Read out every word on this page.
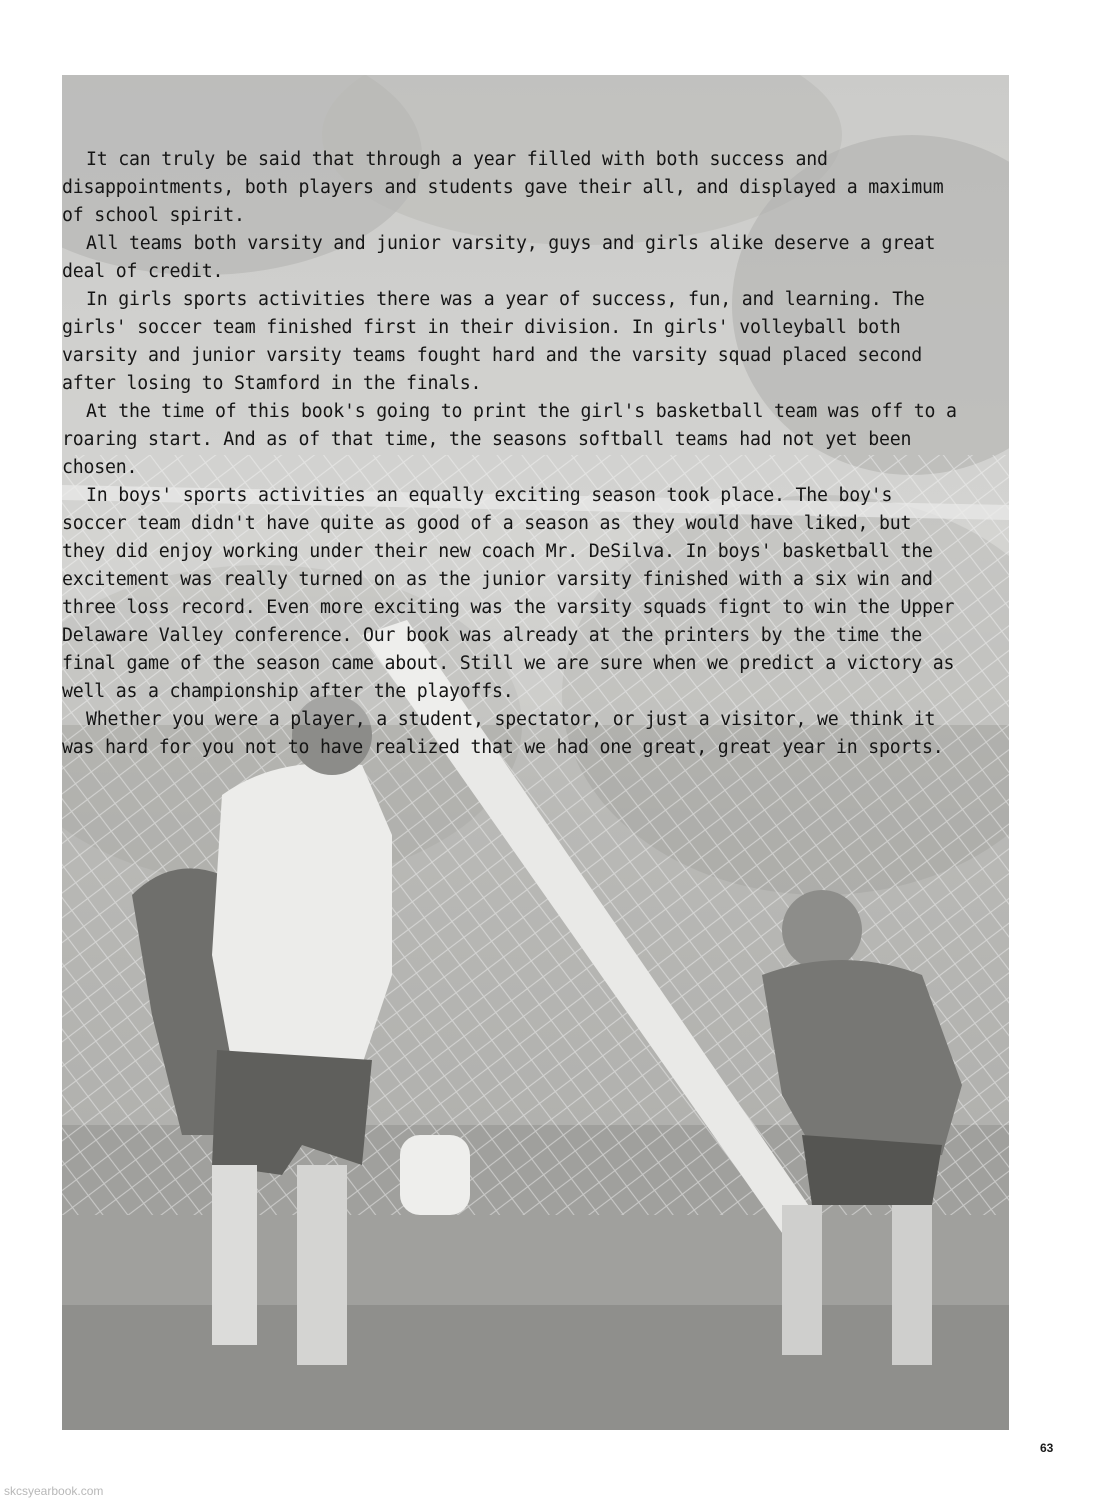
It can truly be said that through a year filled with both success and disappointments, both players and students gave their all, and displayed a maximum of school spirit.

All teams both varsity and junior varsity, guys and girls alike deserve a great deal of credit.

In girls sports activities there was a year of success, fun, and learning. The girls' soccer team finished first in their division. In girls' volleyball both varsity and junior varsity teams fought hard and the varsity squad placed second after losing to Stamford in the finals.

At the time of this book's going to print the girl's basketball team was off to a roaring start. And as of that time, the seasons softball teams had not yet been chosen.

In boys' sports activities an equally exciting season took place. The boy's soccer team didn't have quite as good of a season as they would have liked, but they did enjoy working under their new coach Mr. DeSilva. In boys' basketball the excitement was really turned on as the junior varsity finished with a six win and three loss record. Even more exciting was the varsity squads fignt to win the Upper Delaware Valley conference. Our book was already at the printers by the time the final game of the season came about. Still we are sure when we predict a victory as well as a championship after the playoffs.

Whether you were a player, a student, spectator, or just a visitor, we think it was hard for you not to have realized that we had one great, great year in sports.

63
skcsyearbook.com
